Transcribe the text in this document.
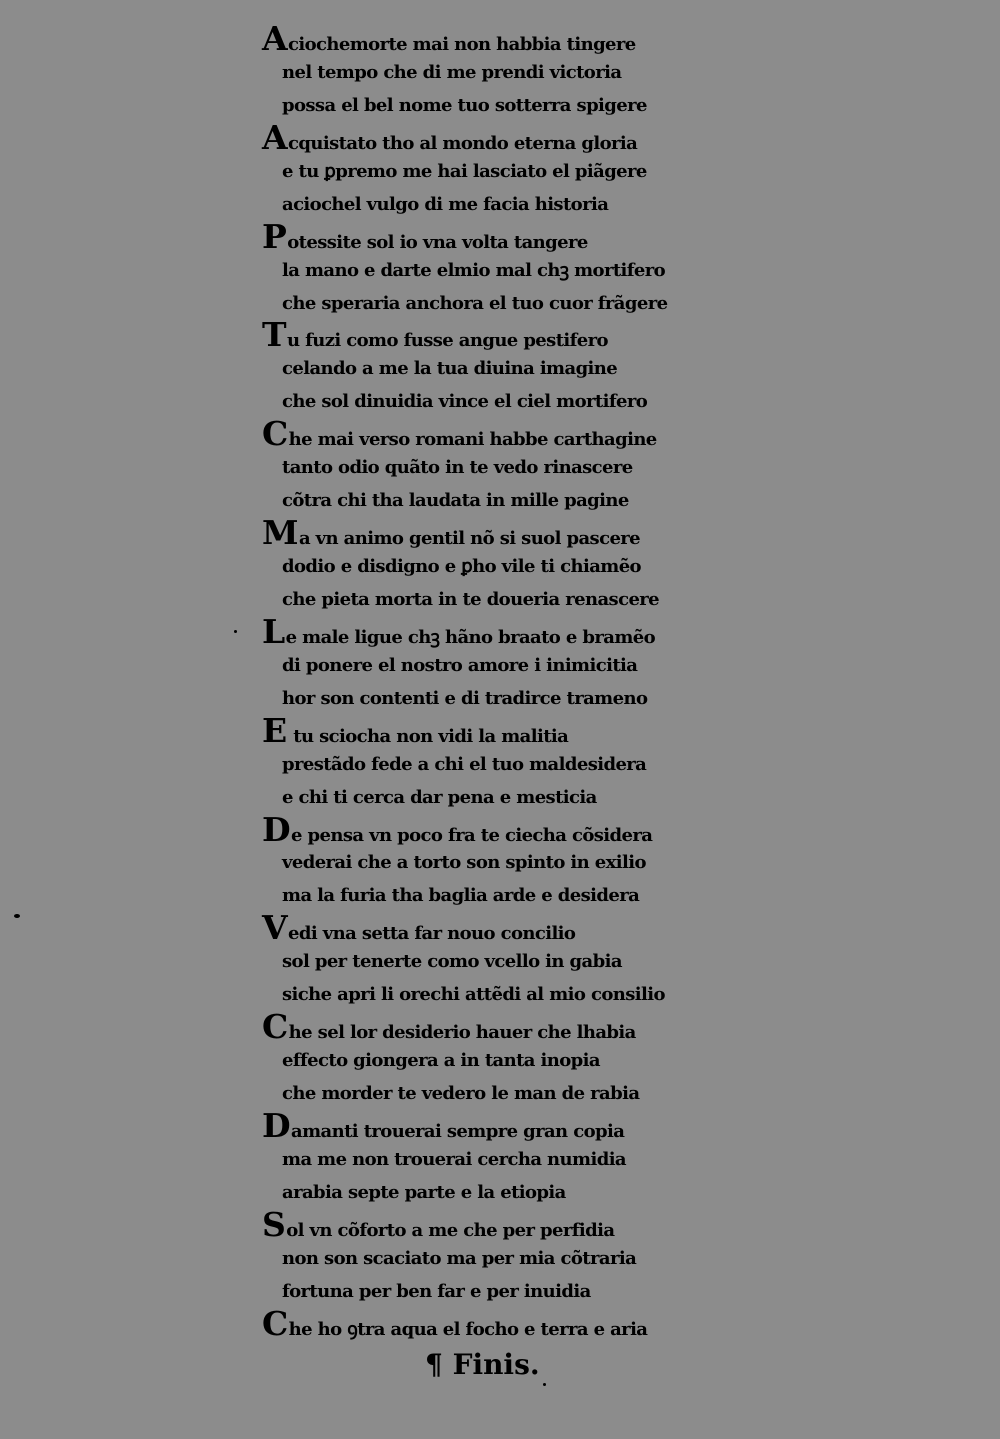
Aciochemorte mai non habbia tingere
nel tempo che di me prendi victoria
possa el bel nome tuo sotterra spigere
Acquistato tho al mondo eterna gloria
e tu ꝑpremo me hai lasciato el piãgere
aciochel vulgo di me facia historia
Potessite sol io vna volta tangere
la mano e darte elmio mal chꝫ mortifero
che speraria anchora el tuo cuor frãgere
Tu fuzi como fusse angue pestifero
celando a me la tua diuina imagine
che sol dinuidia vince el ciel mortifero
Che mai verso romani habbe carthagine
tanto odio quãto in te vedo rinascere
cõtra chi tha laudata in mille pagine
Ma vn animo gentil nõ si suol pascere
dodio e disdigno e ꝑho vile ti chiamẽo
che pieta morta in te doueria renascere
Le male ligue chꝫ hãno braato e bramẽo
di ponere el nostro amore i inimicitia
hor son contenti e di tradirce trameno
E tu sciocha non vidi la malitia
prestãdo fede a chi el tuo maldesidera
e chi ti cerca dar pena e mesticia
De pensa vn poco fra te ciecha cõsidera
vederai che a torto son spinto in exilio
ma la furia tha baglia arde e desidera
Vedi vna setta far nouo concilio
sol per tenerte como vcello in gabia
siche apri li orechi attẽdi al mio consilio
Che sel lor desiderio hauer che lhabia
effecto giongera a in tanta inopia
che morder te vedero le man de rabia
Damanti trouerai sempre gran copia
ma me non trouerai cercha numidia
arabia septe parte e la etiopia
Sol vn cõforto a me che per perfidia
non son scaciato ma per mia cõtraria
fortuna per ben far e per inuidia
Che ho ꝯtra aqua el focho e terra e aria
¶ Finis.
